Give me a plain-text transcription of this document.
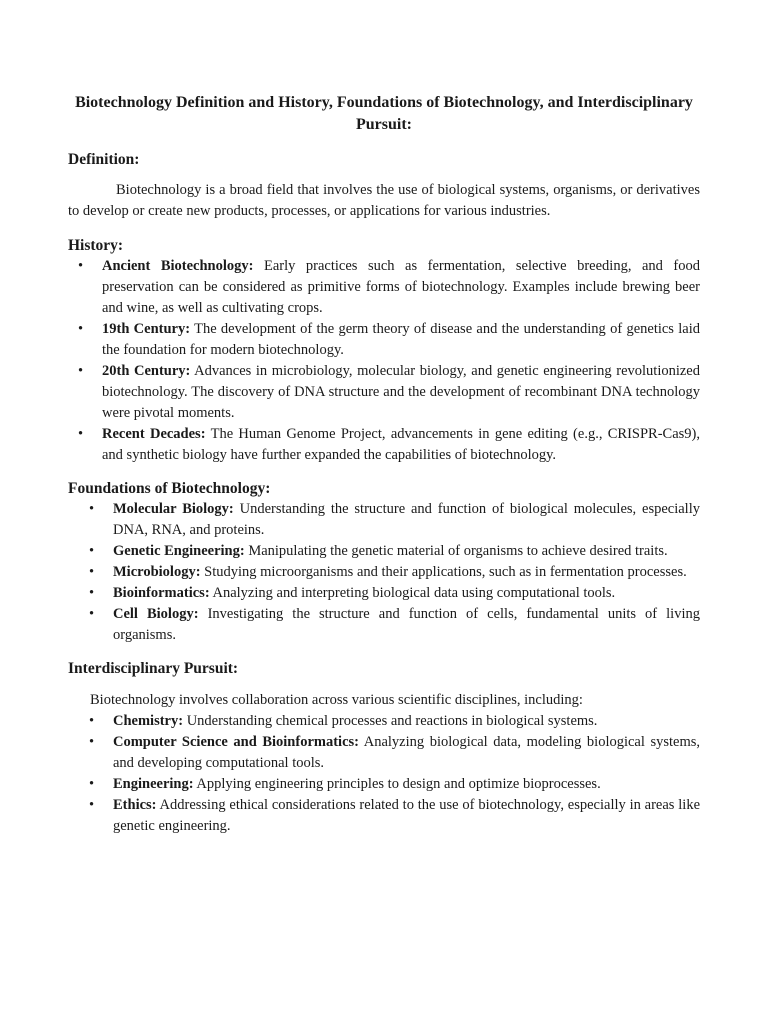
Biotechnology Definition and History, Foundations of Biotechnology, and Interdisciplinary Pursuit:
Definition:

Biotechnology is a broad field that involves the use of biological systems, organisms, or derivatives to develop or create new products, processes, or applications for various industries.

History:
• Ancient Biotechnology: Early practices such as fermentation, selective breeding, and food preservation can be considered as primitive forms of biotechnology. Examples include brewing beer and wine, as well as cultivating crops.
• 19th Century: The development of the germ theory of disease and the understanding of genetics laid the foundation for modern biotechnology.
• 20th Century: Advances in microbiology, molecular biology, and genetic engineering revolutionized biotechnology. The discovery of DNA structure and the development of recombinant DNA technology were pivotal moments.
• Recent Decades: The Human Genome Project, advancements in gene editing (e.g., CRISPR-Cas9), and synthetic biology have further expanded the capabilities of biotechnology.
Foundations of Biotechnology:
• Molecular Biology: Understanding the structure and function of biological molecules, especially DNA, RNA, and proteins.
• Genetic Engineering: Manipulating the genetic material of organisms to achieve desired traits.
• Microbiology: Studying microorganisms and their applications, such as in fermentation processes.
• Bioinformatics: Analyzing and interpreting biological data using computational tools.
• Cell Biology: Investigating the structure and function of cells, fundamental units of living organisms.
Interdisciplinary Pursuit:

Biotechnology involves collaboration across various scientific disciplines, including:

• Chemistry: Understanding chemical processes and reactions in biological systems.
• Computer Science and Bioinformatics: Analyzing biological data, modeling biological systems, and developing computational tools.
• Engineering: Applying engineering principles to design and optimize bioprocesses.
• Ethics: Addressing ethical considerations related to the use of biotechnology, especially in areas like genetic engineering.
